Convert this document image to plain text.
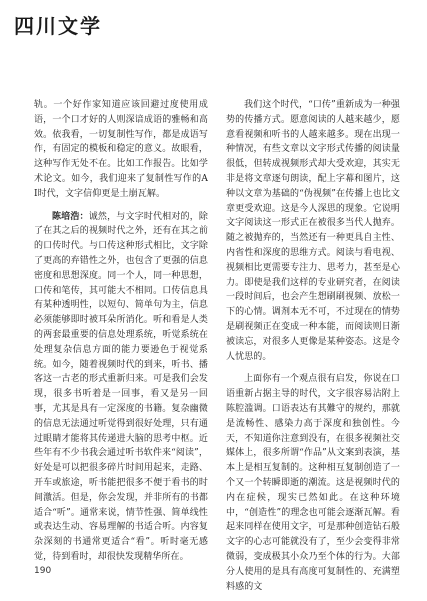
四川文学

轨。一个好作家知道应该回避过度使用成语，一个口才好的人则深谙成语的雅畅和高效。依我看，一切复制性写作，都是成语写作，有固定的模板和稳定的意义。故眼看，这种写作无处不在。比如工作报告。比如学术论文。如今，我们迎来了复制性写作的AI时代，文字信仰更是土崩瓦解。

陈培浩：诚然，与文字时代相对的，除了在其之后的视频时代之外，还有在其之前的口传时代。与口传这种形式相比，文字除了更高的弃错性之外，也包含了更强的信息密度和思想深度。同一个人，同一种思想，口传和笔传，其可能大不相同。口传信息具有某种透明性，以短句、简单句为主，信息必须能够即时被耳朵所消化。听和看是人类的两套最重要的信息处理系统，听觉系统在处理复杂信息方面的能力要逊色于视觉系统。如今，随着视频时代的到来，听书、播客这一古老的形式重新归来。可是我们会发现，很多书听着是一回事，看又是另一回事，尤其是具有一定深度的书籍。复杂幽微的信息无法通过听觉得到很好处理，只有通过眼睛才能将其传递进大脑的思考中枢。近些年有不少书我会通过听书软件来“阅读”，好处是可以把很多碎片时间用起来，走路、开车或旅途，听书能把很多不便于看书的时间激活。但是，你会发现，并非所有的书都适合“听”。通常来说，情节性强、简单线性或表达生动、容易理解的书适合听。内容复杂深刻的书通常更适合“看”。听时毫无感觉，待到看时，却很快发现精华所在。

我们这个时代，“口传”重新成为一种强势的传播方式。愿意阅读的人越来越少，愿意看视频和听书的人越来越多。现在出现一种情况，有些文章以文字形式传播的阅读量很低，但转成视频形式却大受欢迎，其实无非是将文章逐句朗读，配上字幕和图片，这种以文章为基础的“伪视频”在传播上也比文章更受欢迎。这是今人深思的现象。它说明文字阅读这一形式正在被很多当代人抛弃。随之被抛弃的，当然还有一种更具自主性、内省性和深度的思维方式。阅读与看电视、视频相比更需要专注力、思考力，甚至是心力。即使是我们这样的专业研究者，在阅读一段时间后，也会产生想刷刷视频、放松一下的心情。调剂本无不可，不过现在的情势是刷视频正在变成一种本能，而阅读则日渐被读忘，对很多人更像是某种姿态。这是令人忧思的。

上面你有一个观点很有启发，你说在口语重新占据主导的时代，文字很容易沾附上陈腔滥调。口语表达有其難守的规约，那就是流畅性、感染力高于深度和独创性。今天，不知道你注意到没有，在很多视频社交媒体上，很多所谓“作品”从文案到表演，基本上是相互复制的。这种相互复制创造了一个又一个转瞬即逝的潮流。这是视频时代的内在症候，现实已然如此。在这种环境中，“创造性”的理念也可能会逐渐瓦解。看起来同样在使用文字，可是那种创造钻石般文字的心志可能就没有了，至少会变得非常微弱，变成极其小众乃至个体的行为。大部分人使用的是具有高度可复制性的、充满塑料感的文

190
